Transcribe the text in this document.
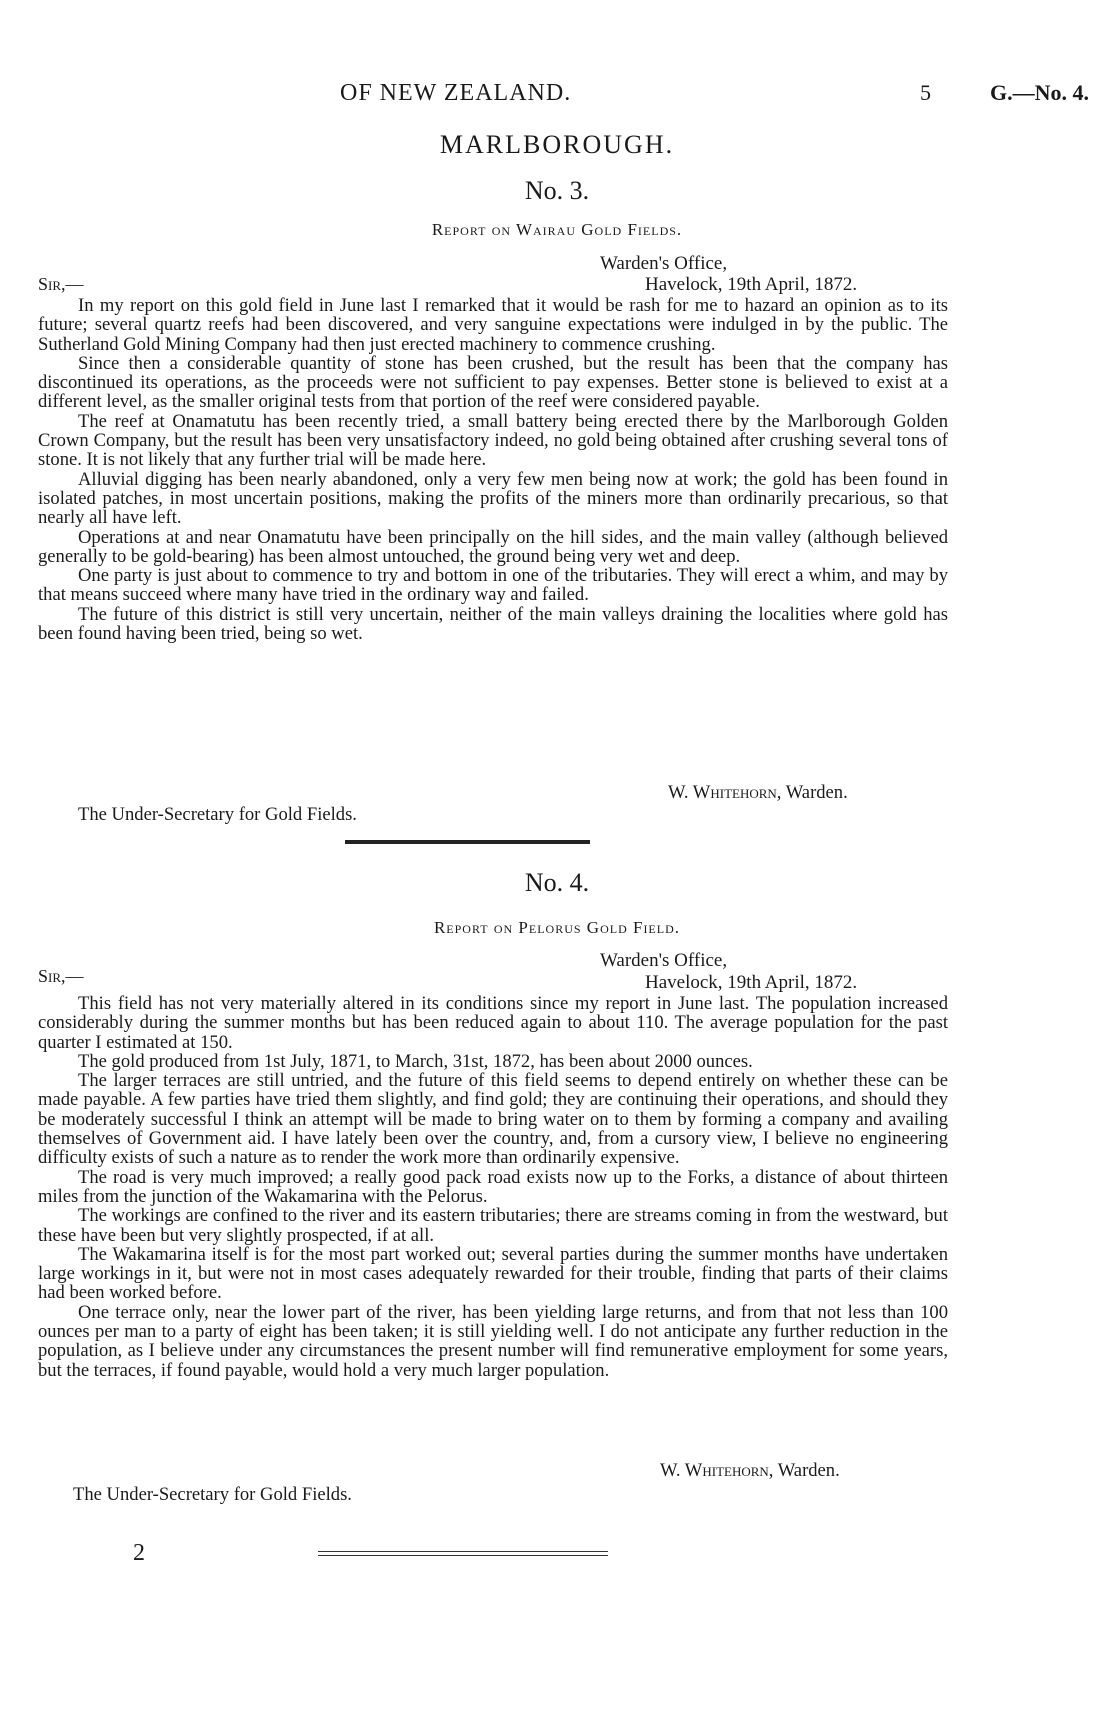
OF NEW ZEALAND.	5	G.—No. 4.
MARLBOROUGH.
No. 3.
Report on Wairau Gold Fields.
Warden's Office,
Sir,—	Havelock, 19th April, 1872.

In my report on this gold field in June last I remarked that it would be rash for me to hazard an opinion as to its future; several quartz reefs had been discovered, and very sanguine expectations were indulged in by the public. The Sutherland Gold Mining Company had then just erected machinery to commence crushing.

Since then a considerable quantity of stone has been crushed, but the result has been that the company has discontinued its operations, as the proceeds were not sufficient to pay expenses. Better stone is believed to exist at a different level, as the smaller original tests from that portion of the reef were considered payable.

The reef at Onamatutu has been recently tried, a small battery being erected there by the Marlborough Golden Crown Company, but the result has been very unsatisfactory indeed, no gold being obtained after crushing several tons of stone. It is not likely that any further trial will be made here.

Alluvial digging has been nearly abandoned, only a very few men being now at work; the gold has been found in isolated patches, in most uncertain positions, making the profits of the miners more than ordinarily precarious, so that nearly all have left.

Operations at and near Onamatutu have been principally on the hill sides, and the main valley (although believed generally to be gold-bearing) has been almost untouched, the ground being very wet and deep.

One party is just about to commence to try and bottom in one of the tributaries. They will erect a whim, and may by that means succeed where many have tried in the ordinary way and failed.

The future of this district is still very uncertain, neither of the main valleys draining the localities where gold has been found having been tried, being so wet.

W. Whitehorn, Warden.
The Under-Secretary for Gold Fields.
No. 4.
Report on Pelorus Gold Field.
Warden's Office,
Sir,—	Havelock, 19th April, 1872.

This field has not very materially altered in its conditions since my report in June last. The population increased considerably during the summer months but has been reduced again to about 110. The average population for the past quarter I estimated at 150.

The gold produced from 1st July, 1871, to March, 31st, 1872, has been about 2000 ounces.

The larger terraces are still untried, and the future of this field seems to depend entirely on whether these can be made payable. A few parties have tried them slightly, and find gold; they are continuing their operations, and should they be moderately successful I think an attempt will be made to bring water on to them by forming a company and availing themselves of Government aid. I have lately been over the country, and, from a cursory view, I believe no engineering difficulty exists of such a nature as to render the work more than ordinarily expensive.

The road is very much improved; a really good pack road exists now up to the Forks, a distance of about thirteen miles from the junction of the Wakamarina with the Pelorus.

The workings are confined to the river and its eastern tributaries; there are streams coming in from the westward, but these have been but very slightly prospected, if at all.

The Wakamarina itself is for the most part worked out; several parties during the summer months have undertaken large workings in it, but were not in most cases adequately rewarded for their trouble, finding that parts of their claims had been worked before.

One terrace only, near the lower part of the river, has been yielding large returns, and from that not less than 100 ounces per man to a party of eight has been taken; it is still yielding well. I do not anticipate any further reduction in the population, as I believe under any circumstances the present number will find remunerative employment for some years, but the terraces, if found payable, would hold a very much larger population.

W. Whitehorn, Warden.
The Under-Secretary for Gold Fields.
2
